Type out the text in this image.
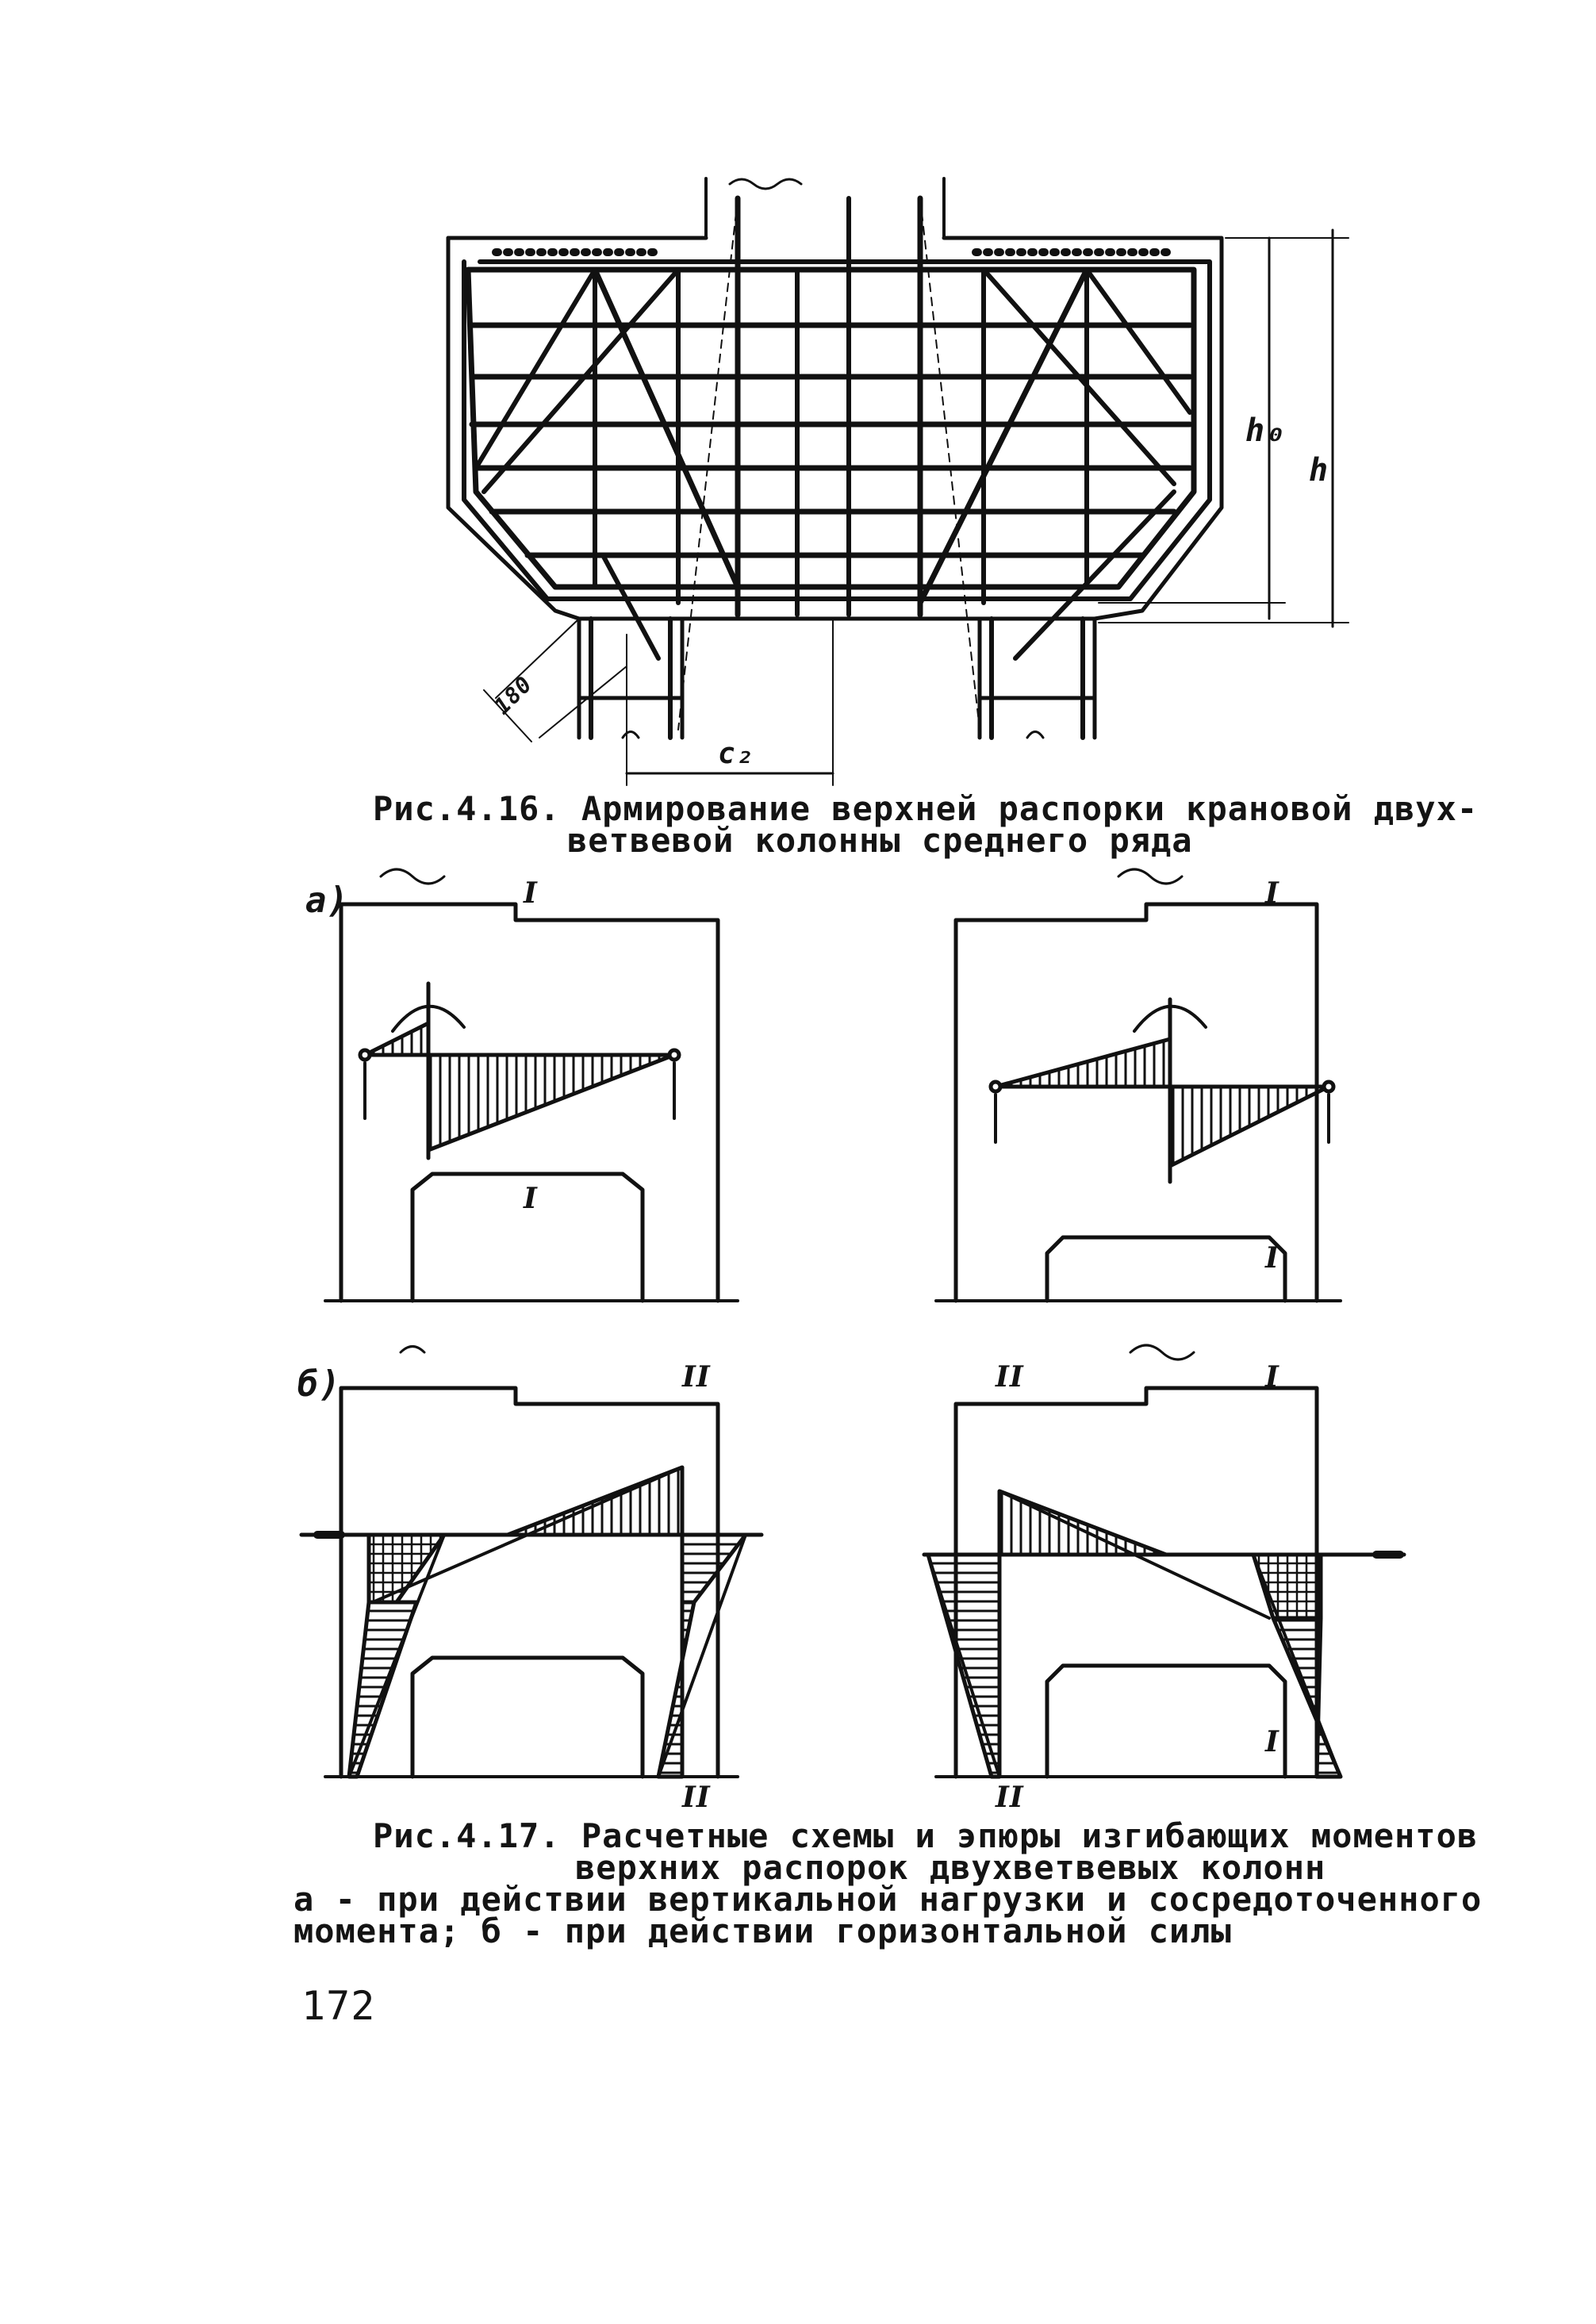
h₀
h
c₂
180
Рис.4.16. Армирование верхней распорки крановой двух-
ветвевой колонны среднего ряда
а)
б)
I
I
I
I
II
II
II
II
I
I
Рис.4.17. Расчетные схемы и эпюры изгибающих моментов
верхних распорок двухветвевых колонн
а - при действии вертикальной нагрузки и сосредоточенного
момента; б - при действии горизонтальной силы
172
